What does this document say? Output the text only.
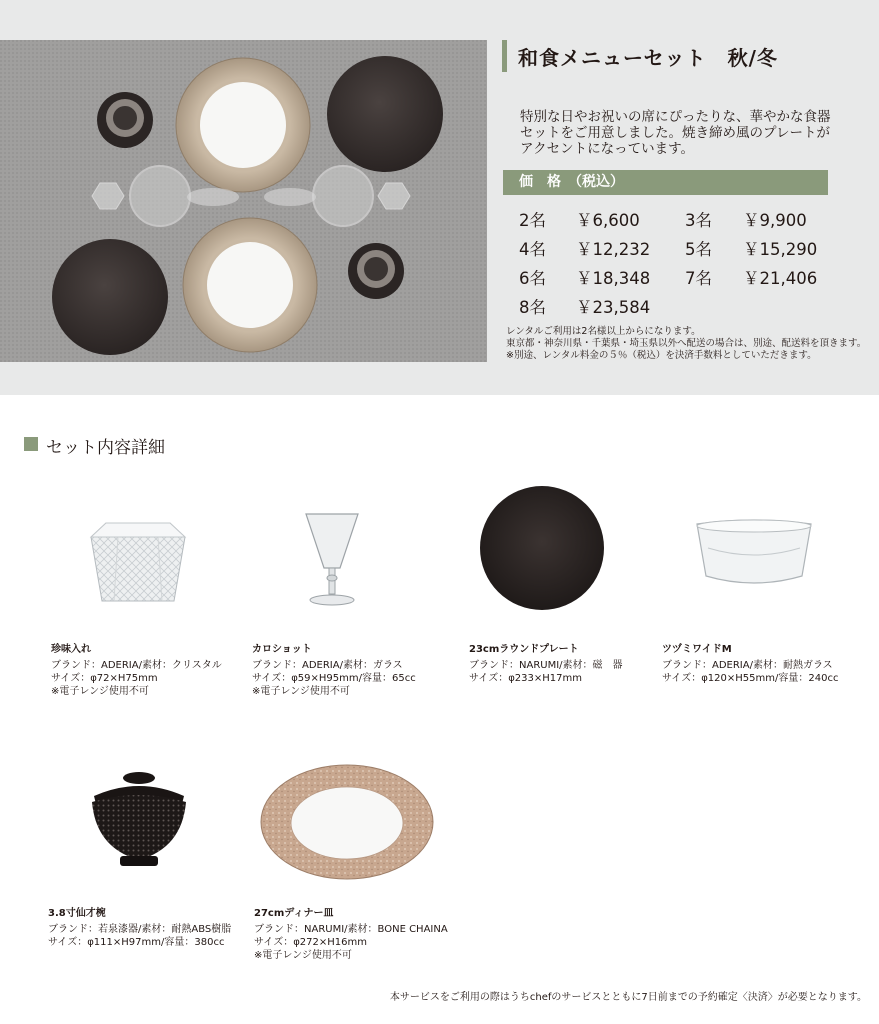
和食メニューセット　秋/冬
特別な日やお祝いの席にぴったりな、華やかな食器
セットをご用意しました。焼き締め風のプレートが
アクセントになっています。
価　格　（税込）
2名 ￥6,600	3名 ￥9,900
4名 ￥12,232 5名 ￥15,290
6名 ￥18,348 7名 ￥21,406
8名 ￥23,584
レンタルご利用は2名様以上からになります。
東京都・神奈川県・千葉県・埼玉県以外へ配送の場合は、別途、配送料を頂きます。
※別途、レンタル料金の５％（税込）を決済手数料としていただきます。
セット内容詳細
珍味入れ
ブランド：ADERIA/素材：クリスタル
サイズ：φ72×H75mm
※電子レンジ使用不可
カロショット
ブランド：ADERIA/素材：ガラス
サイズ：φ59×H95mm/容量：65cc
※電子レンジ使用不可
23cmラウンドプレート
ブランド：NARUMI/素材：磁　器
サイズ：φ233×H17mm
ツヅミワイドM
ブランド：ADERIA/素材：耐熱ガラス
サイズ：φ120×H55mm/容量：240cc
3.8寸仙才椀
ブランド：若泉漆器/素材：耐熱ABS樹脂
サイズ：φ111×H97mm/容量：380cc
27cmディナー皿
ブランド：NARUMI/素材：BONE CHAINA
サイズ：φ272×H16mm
※電子レンジ使用不可
本サービスをご利用の際はうちchefのサービスとともに7日前までの予約確定〈決済〉が必要となります。
